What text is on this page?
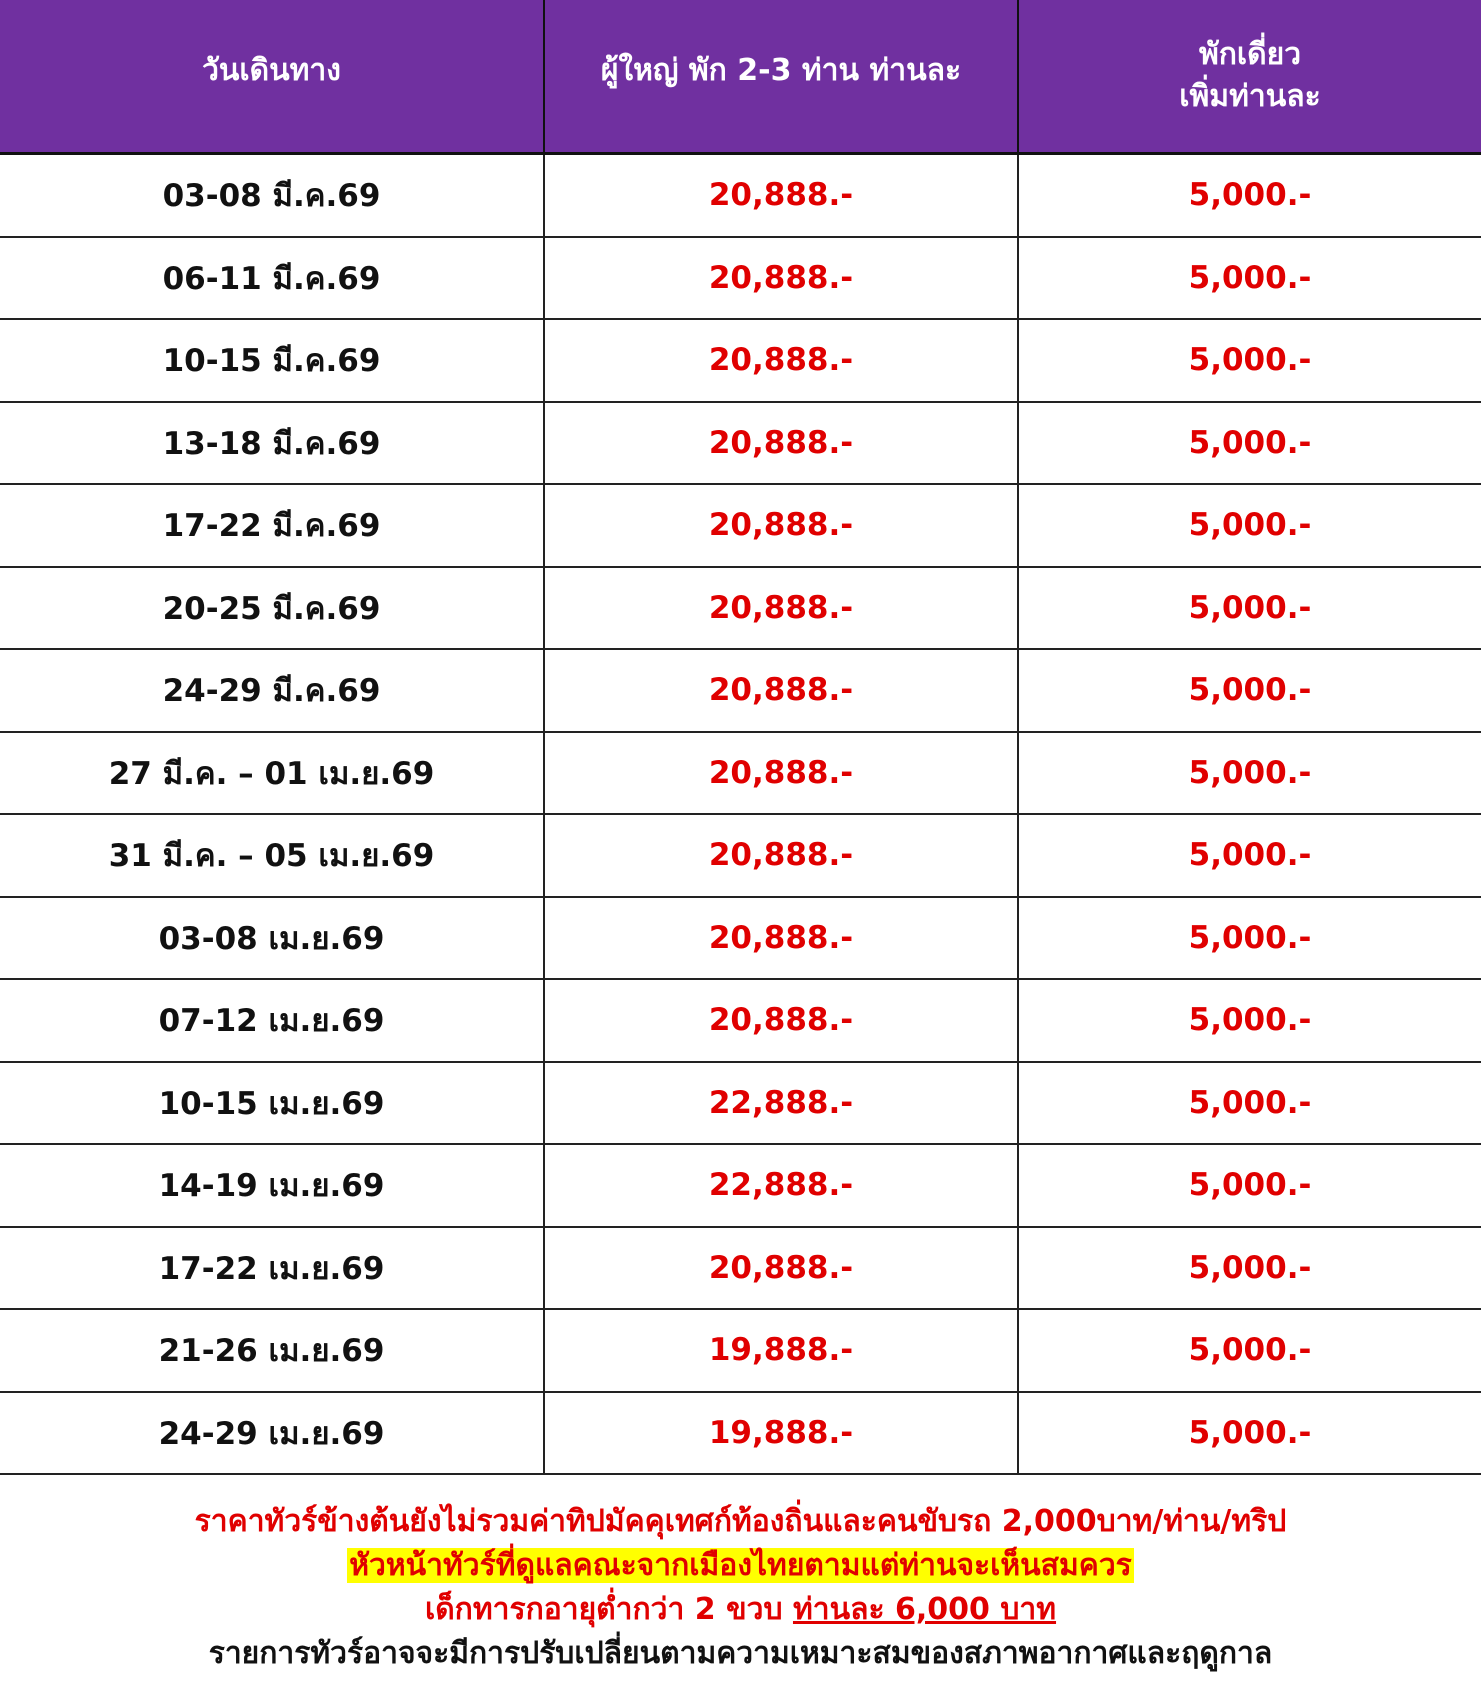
วันเดินทาง	ผู้ใหญ่ พัก 2-3 ท่าน ท่านละ	พักเดี่ยว
เพิ่มท่านละ
03-08 มี.ค.69	20,888.-	5,000.-
06-11 มี.ค.69	20,888.-	5,000.-
10-15 มี.ค.69	20,888.-	5,000.-
13-18 มี.ค.69	20,888.-	5,000.-
17-22 มี.ค.69	20,888.-	5,000.-
20-25 มี.ค.69	20,888.-	5,000.-
24-29 มี.ค.69	20,888.-	5,000.-
27 มี.ค. – 01 เม.ย.69	20,888.-	5,000.-
31 มี.ค. – 05 เม.ย.69	20,888.-	5,000.-
03-08 เม.ย.69	20,888.-	5,000.-
07-12 เม.ย.69	20,888.-	5,000.-
10-15 เม.ย.69	22,888.-	5,000.-
14-19 เม.ย.69	22,888.-	5,000.-
17-22 เม.ย.69	20,888.-	5,000.-
21-26 เม.ย.69	19,888.-	5,000.-
24-29 เม.ย.69	19,888.-	5,000.-
ราคาทัวร์ข้างต้นยังไม่รวมค่าทิปมัคคุเทศก์ท้องถิ่นและคนขับรถ 2,000บาท/ท่าน/ทริป
หัวหน้าทัวร์ที่ดูแลคณะจากเมืองไทยตามแต่ท่านจะเห็นสมควร
เด็กทารกอายุต่ำกว่า 2 ขวบ ท่านละ 6,000 บาท
รายการทัวร์อาจจะมีการปรับเปลี่ยนตามความเหมาะสมของสภาพอากาศและฤดูกาล
